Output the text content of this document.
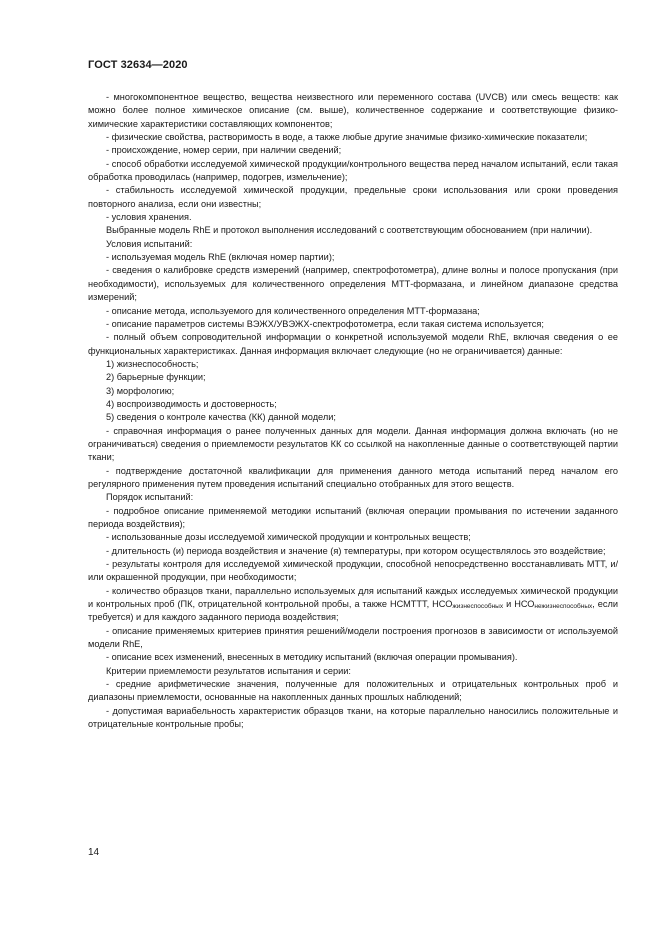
ГОСТ 32634—2020

- многокомпонентное вещество, вещества неизвестного или переменного состава (UVCB) или смесь веществ: как можно более полное химическое описание (см. выше), количественное содержание и соответствующие физико-химические характеристики составляющих компонентов;

- физические свойства, растворимость в воде, а также любые другие значимые физико-химические показатели;

- происхождение, номер серии, при наличии сведений;

- способ обработки исследуемой химической продукции/контрольного вещества перед началом испытаний, если такая обработка проводилась (например, подогрев, измельчение);

- стабильность исследуемой химической продукции, предельные сроки использования или сроки проведения повторного анализа, если они известны;

- условия хранения.

Выбранные модель RhE и протокол выполнения исследований с соответствующим обоснованием (при наличии).

Условия испытаний:

- используемая модель RhE (включая номер партии);

- сведения о калибровке средств измерений (например, спектрофотометра), длине волны и полосе пропускания (при необходимости), используемых для количественного определения МТТ-формазана, и линейном диапазоне средства измерений;

- описание метода, используемого для количественного определения МТТ-формазана;

- описание параметров системы ВЭЖХ/УВЭЖХ-спектрофотометра, если такая система используется;

- полный объем сопроводительной информации о конкретной используемой модели RhE, включая сведения о ее функциональных характеристиках. Данная информация включает следующие (но не ограничивается) данные:

1) жизнеспособность;

2) барьерные функции;

3) морфологию;

4) воспроизводимость и достоверность;

5) сведения о контроле качества (КК) данной модели;

- справочная информация о ранее полученных данных для модели. Данная информация должна включать (но не ограничиваться) сведения о приемлемости результатов КК со ссылкой на накопленные данные о соответствующей партии ткани;

- подтверждение достаточной квалификации для применения данного метода испытаний перед началом его регулярного применения путем проведения испытаний специально отобранных для этого веществ.

Порядок испытаний:

- подробное описание применяемой методики испытаний (включая операции промывания по истечении заданного периода воздействия);

- использованные дозы исследуемой химической продукции и контрольных веществ;

- длительность (и) периода воздействия и значение (я) температуры, при котором осуществлялось это воздействие;

- результаты контроля для исследуемой химической продукции, способной непосредственно восстанавливать МТТ, и/или окрашенной продукции, при необходимости;

- количество образцов ткани, параллельно используемых для испытаний каждых исследуемых химической продукции и контрольных проб (ПК, отрицательной контрольной пробы, а также НСМТТТ, $НСО_{жизнеспособных}$ и $НСО_{нежизнеспособных}$, если требуется) и для каждого заданного периода воздействия;

- описание применяемых критериев принятия решений/модели построения прогнозов в зависимости от используемой модели RhE,

- описание всех изменений, внесенных в методику испытаний (включая операции промывания).

Критерии приемлемости результатов испытания и серии:

- средние арифметические значения, полученные для положительных и отрицательных контрольных проб и диапазоны приемлемости, основанные на накопленных данных прошлых наблюдений;

- допустимая вариабельность характеристик образцов ткани, на которые параллельно наносились положительные и отрицательные контрольные пробы;

14
